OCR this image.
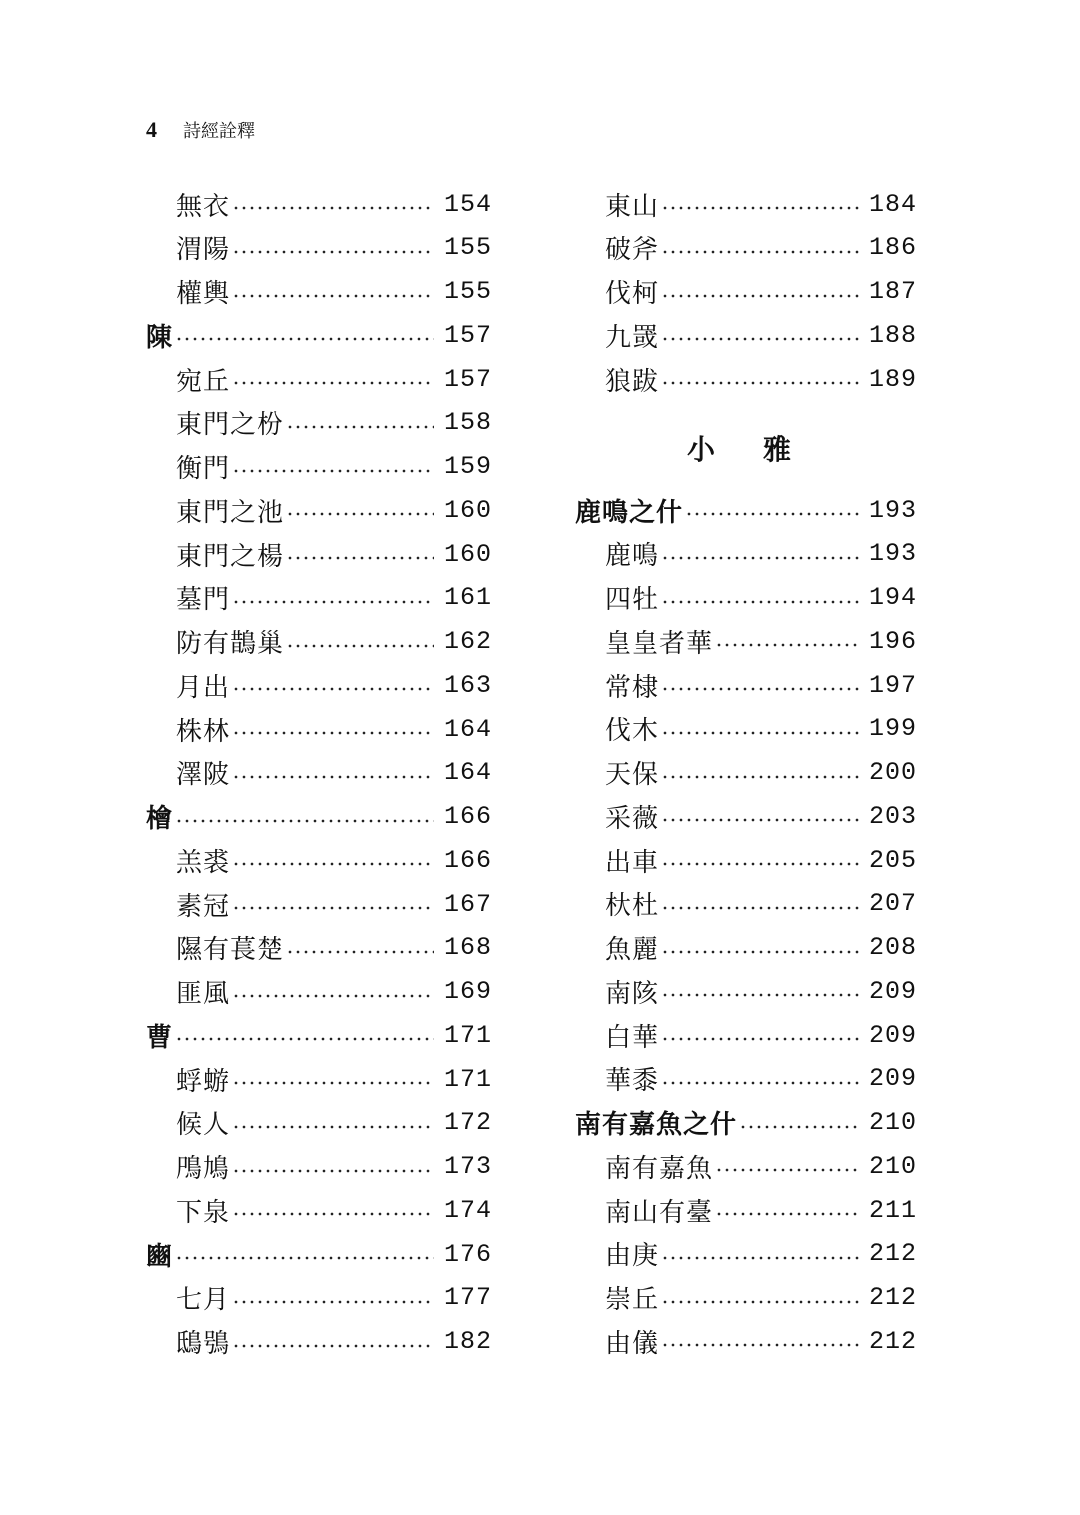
4 詩經詮釋
無衣	154
渭陽	155
權輿	155
陳	157
宛丘	157
東門之枌	158
衡門	159
東門之池	160
東門之楊	160
墓門	161
防有鵲巢	162
月出	163
株林	164
澤陂	164
檜	166
羔裘	166
素冠	167
隰有萇楚	168
匪風	169
曹	171
蜉蝣	171
候人	172
鳲鳩	173
下泉	174
豳	176
七月	177
鴟鴞	182
小雅
東山	184
破斧	186
伐柯	187
九罭	188
狼跋	189
鹿鳴之什	193
鹿鳴	193
四牡	194
皇皇者華	196
常棣	197
伐木	199
天保	200
采薇	203
出車	205
杕杜	207
魚麗	208
南陔	209
白華	209
華黍	209
南有嘉魚之什	210
南有嘉魚	210
南山有臺	211
由庚	212
崇丘	212
由儀	212
